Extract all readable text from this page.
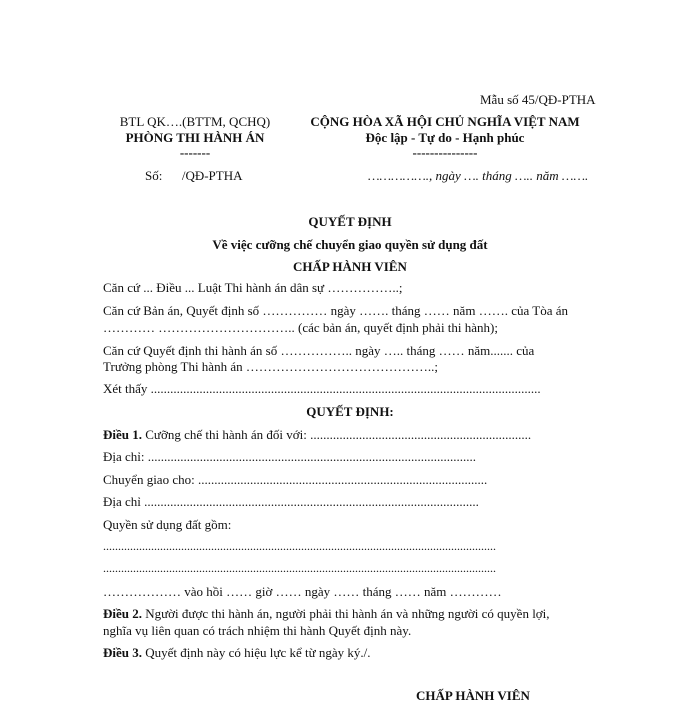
Mẫu số 45/QĐ-PTHA
BTL QK….(BTTM, QCHQ)
PHÒNG THI HÀNH ÁN
-------
Số:      /QĐ-PTHA
CỘNG HÒA XÃ HỘI CHỦ NGHĨA VIỆT NAM
Độc lập - Tự do - Hạnh phúc
---------------
……………., ngày …. tháng ….. năm …….
QUYẾT ĐỊNH
Về việc cưỡng chế chuyển giao quyền sử dụng đất
CHẤP HÀNH VIÊN
Căn cứ ... Điều ... Luật Thi hành án dân sự ……………..;
Căn cứ Bản án, Quyết định số …………… ngày ……. tháng …… năm ……. của Tòa án
………… ………………………….. (các bản án, quyết định phải thi hành);
Căn cứ Quyết định thi hành án số …………….. ngày ….. tháng …… năm....... của
Trưởng phòng Thi hành án ……………………………………..;
Xét thấy ........................................................................................................................
QUYẾT ĐỊNH:
Điều 1. Cưỡng chế thi hành án đối với: ....................................................................
Địa chỉ: .....................................................................................................
Chuyển giao cho: .........................................................................................
Địa chỉ .......................................................................................................
Quyền sử dụng đất gồm:
...................................................................................................................................
...................................................................................................................................
……………… vào hồi …… giờ …… ngày …… tháng …… năm …………
Điều 2. Người được thi hành án, người phải thi hành án và những người có quyền lợi,
nghĩa vụ liên quan có trách nhiệm thi hành Quyết định này.
Điều 3. Quyết định này có hiệu lực kể từ ngày ký./.
CHẤP HÀNH VIÊN
